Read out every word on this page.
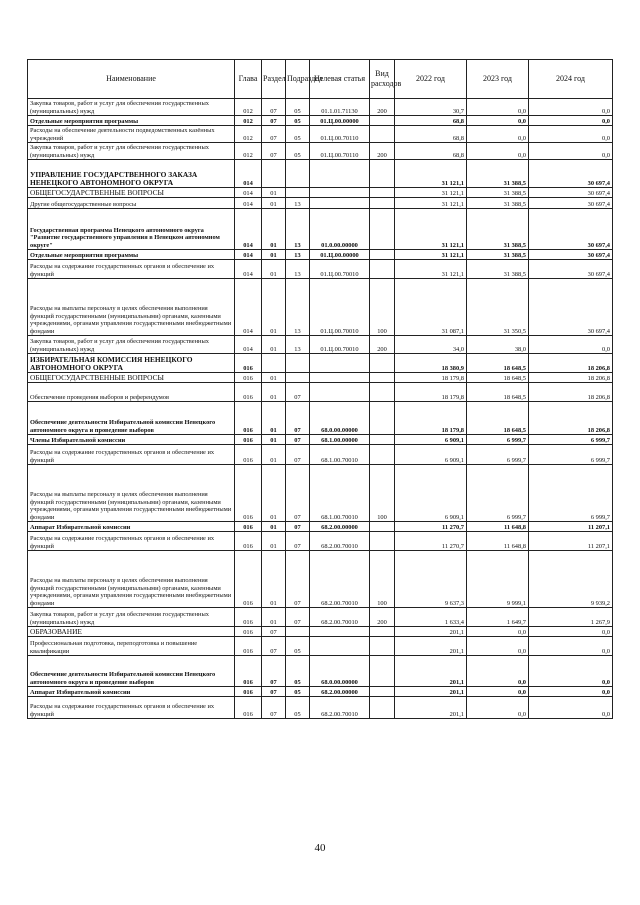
Наименование	Глава	Раздел	Подраздел	Целевая статья	Вид расходов	2022 год	2023 год	2024 год
Закупка товаров, работ и услуг для обеспечения государственных (муниципальных) нужд	012	07	05	01.1.01.71130	200	30,7	0,0	0,0
Отдельные мероприятия программы	012	07	05	01.Ц.00.00000		68,8	0,0	0,0
Расходы на обеспечение деятельности подведомственных казённых учреждений	012	07	05	01.Ц.00.70110		68,8	0,0	0,0
Закупка товаров, работ и услуг для обеспечения государственных (муниципальных) нужд	012	07	05	01.Ц.00.70110	200	68,8	0,0	0,0
УПРАВЛЕНИЕ ГОСУДАРСТВЕННОГО ЗАКАЗА НЕНЕЦКОГО АВТОНОМНОГО ОКРУГА	014					31 121,1	31 388,5	30 697,4
ОБЩЕГОСУДАРСТВЕННЫЕ ВОПРОСЫ	014	01				31 121,1	31 388,5	30 697,4
Другие общегосударственные вопросы	014	01	13			31 121,1	31 388,5	30 697,4
Государственная программа Ненецкого автономного округа "Развитие государственного управления в Ненецком автономном округе"	014	01	13	01.0.00.00000		31 121,1	31 388,5	30 697,4
Отдельные мероприятия программы	014	01	13	01.Ц.00.00000		31 121,1	31 388,5	30 697,4
Расходы на содержание государственных органов и обеспечение их функций	014	01	13	01.Ц.00.70010		31 121,1	31 388,5	30 697,4
Расходы на выплаты персоналу в целях обеспечения выполнения функций государственными (муниципальными) органами, казенными учреждениями, органами управления государственными внебюджетными фондами	014	01	13	01.Ц.00.70010	100	31 087,1	31 350,5	30 697,4
Закупка товаров, работ и услуг для обеспечения государственных (муниципальных) нужд	014	01	13	01.Ц.00.70010	200	34,0	38,0	0,0
ИЗБИРАТЕЛЬНАЯ КОМИССИЯ НЕНЕЦКОГО АВТОНОМНОГО ОКРУГА	016					18 380,9	18 648,5	18 206,8
ОБЩЕГОСУДАРСТВЕННЫЕ ВОПРОСЫ	016	01				18 179,8	18 648,5	18 206,8
Обеспечение проведения выборов и референдумов	016	01	07			18 179,8	18 648,5	18 206,8
Обеспечение деятельности Избирательной комиссии Ненецкого автономного округа и проведение выборов	016	01	07	68.0.00.00000		18 179,8	18 648,5	18 206,8
Члены Избирательной комиссии	016	01	07	68.1.00.00000		6 909,1	6 999,7	6 999,7
Расходы на содержание государственных органов и обеспечение их функций	016	01	07	68.1.00.70010		6 909,1	6 999,7	6 999,7
Расходы на выплаты персоналу в целях обеспечения выполнения функций государственными (муниципальными) органами, казенными учреждениями, органами управления государственными внебюджетными фондами	016	01	07	68.1.00.70010	100	6 909,1	6 999,7	6 999,7
Аппарат Избирательной комиссии	016	01	07	68.2.00.00000		11 270,7	11 648,8	11 207,1
Расходы на содержание государственных органов и обеспечение их функций	016	01	07	68.2.00.70010		11 270,7	11 648,8	11 207,1
Расходы на выплаты персоналу в целях обеспечения выполнения функций государственными (муниципальными) органами, казенными учреждениями, органами управления государственными внебюджетными фондами	016	01	07	68.2.00.70010	100	9 637,3	9 999,1	9 939,2
Закупка товаров, работ и услуг для обеспечения государственных (муниципальных) нужд	016	01	07	68.2.00.70010	200	1 633,4	1 649,7	1 267,9
ОБРАЗОВАНИЕ	016	07				201,1	0,0	0,0
Профессиональная подготовка, переподготовка и повышение квалификации	016	07	05			201,1	0,0	0,0
Обеспечение деятельности Избирательной комиссии Ненецкого автономного округа и проведение выборов	016	07	05	68.0.00.00000		201,1	0,0	0,0
Аппарат Избирательной комиссии	016	07	05	68.2.00.00000		201,1	0,0	0,0
Расходы на содержание государственных органов и обеспечение их функций	016	07	05	68.2.00.70010		201,1	0,0	0,0
40
